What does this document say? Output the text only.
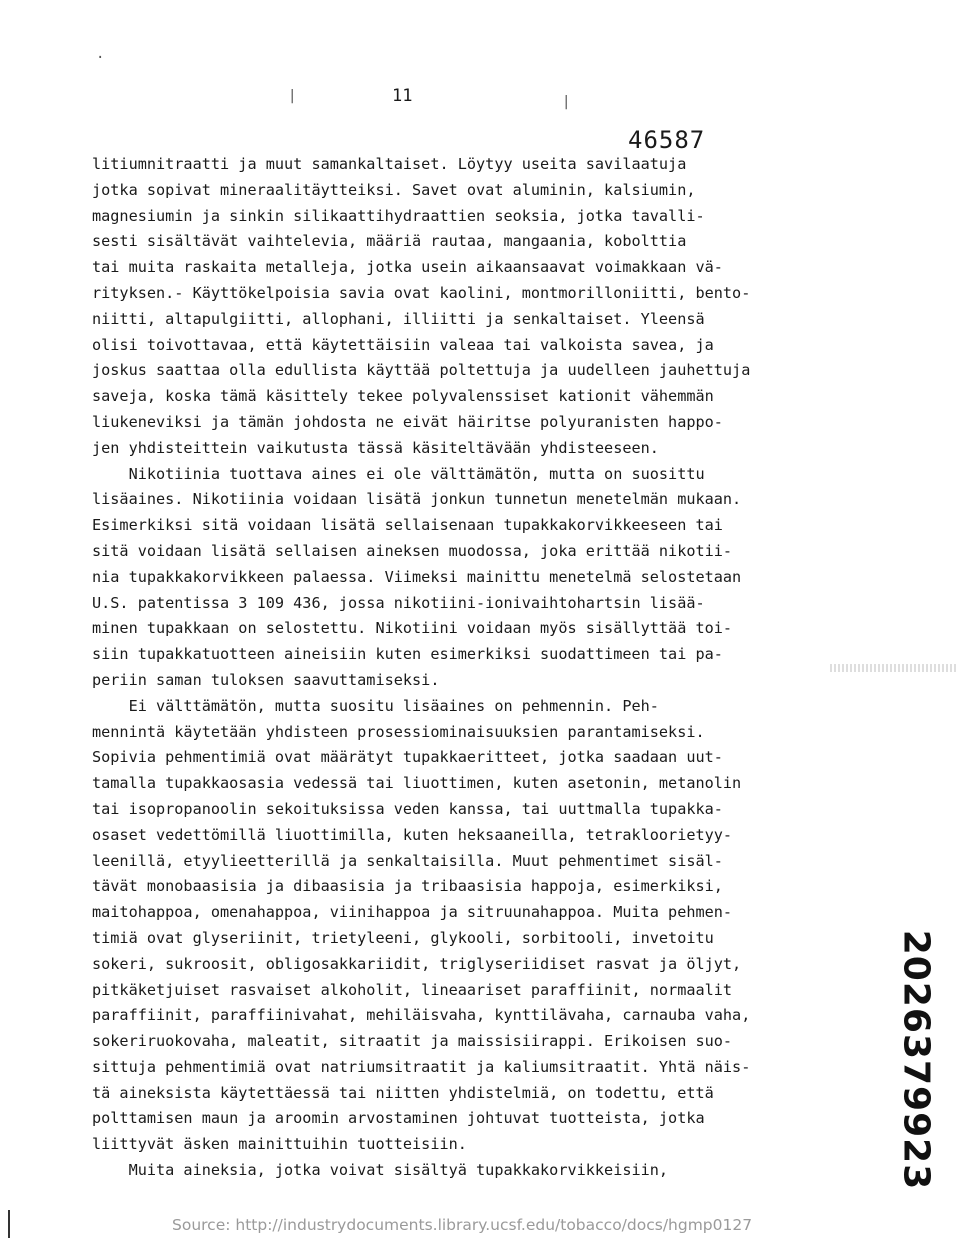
·
|	|
11
46587
litiumnitraatti ja muut samankaltaiset. Löytyy useita savilaatuja
jotka sopivat mineraalitäytteiksi. Savet ovat aluminin, kalsiumin,
magnesiumin ja sinkin silikaattihydraattien seoksia, jotka tavalli-
sesti sisältävät vaihtelevia, määriä rautaa, mangaania, kobolttia
tai muita raskaita metalleja, jotka usein aikaansaavat voimakkaan vä-
rityksen.- Käyttökelpoisia savia ovat kaolini, montmorilloniitti, bento-
niitti, altapulgiitti, allophani, illiitti ja senkaltaiset. Yleensä
olisi toivottavaa, että käytettäisiin valeaa tai valkoista savea, ja
joskus saattaa olla edullista käyttää poltettuja ja uudelleen jauhettuja
saveja, koska tämä käsittely tekee polyvalenssiset kationit vähemmän
liukeneviksi ja tämän johdosta ne eivät häiritse polyuranisten happo-
jen yhdisteittein vaikutusta tässä käsiteltävään yhdisteeseen.
Nikotiinia tuottava aines ei ole välttämätön, mutta on suosittu
lisäaines. Nikotiinia voidaan lisätä jonkun tunnetun menetelmän mukaan.
Esimerkiksi sitä voidaan lisätä sellaisenaan tupakkakorvikkeeseen tai
sitä voidaan lisätä sellaisen aineksen muodossa, joka erittää nikotii-
nia tupakkakorvikkeen palaessa. Viimeksi mainittu menetelmä selostetaan
U.S. patentissa 3 109 436, jossa nikotiini-ionivaihtohartsin lisää-
minen tupakkaan on selostettu. Nikotiini voidaan myös sisällyttää toi-
siin tupakkatuotteen aineisiin kuten esimerkiksi suodattimeen tai pa-
periin saman tuloksen saavuttamiseksi.
Ei välttämätön, mutta suositu lisäaines on pehmennin. Peh-
mennintä käytetään yhdisteen prosessiominaisuuksien parantamiseksi.
Sopivia pehmentimiä ovat määrätyt tupakkaeritteet, jotka saadaan uut-
tamalla tupakkaosasia vedessä tai liuottimen, kuten asetonin, metanolin
tai isopropanoolin sekoituksissa veden kanssa, tai uuttmalla tupakka-
osaset vedettömillä liuottimilla, kuten heksaaneilla, tetrakloorietyy-
leenillä, etyylieetterillä ja senkaltaisilla. Muut pehmentimet sisäl-
tävät monobaasisia ja dibaasisia ja tribaasisia happoja, esimerkiksi,
maitohappoa, omenahappoa, viinihappoa ja sitruunahappoa. Muita pehmen-
timiä ovat glyseriinit, trietyleeni, glykooli, sorbitooli, invetoitu
sokeri, sukroosit, obligosakkariidit, triglyseriidiset rasvat ja öljyt,
pitkäketjuiset rasvaiset alkoholit, lineaariset paraffiinit, normaalit
paraffiinit, paraffiinivahat, mehiläisvaha, kynttilävaha, carnauba vaha,
sokeriruokovaha, maleatit, sitraatit ja maissisiirappi. Erikoisen suo-
sittuja pehmentimiä ovat natriumsitraatit ja kaliumsitraatit. Yhtä näis-
tä aineksista käytettäessä tai niitten yhdistelmiä, on todettu, että
polttamisen maun ja aroomin arvostaminen johtuvat tuotteista, jotka
liittyvät äsken mainittuihin tuotteisiin.
Muita aineksia, jotka voivat sisältyä tupakkakorvikkeisiin,	2026379923
Source: http://industrydocuments.library.ucsf.edu/tobacco/docs/hgmp0127
